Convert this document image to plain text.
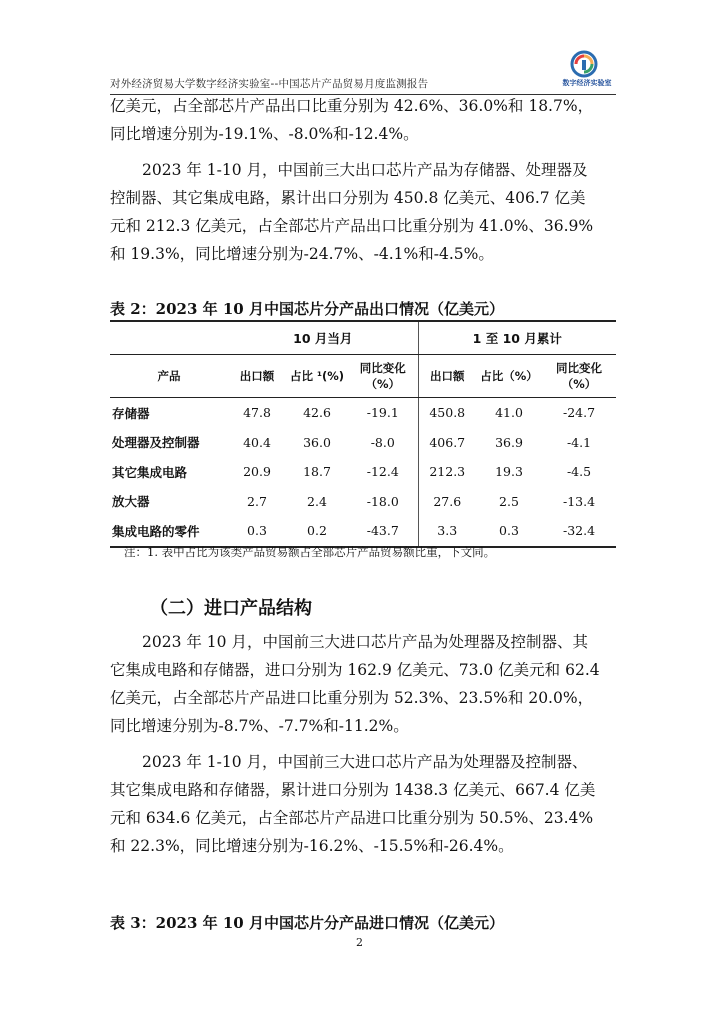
对外经济贸易大学数字经济实验室--中国芯片产品贸易月度监测报告	数字经济实验室

亿美元，占全部芯片产品出口比重分别为 42.6%、36.0%和 18.7%，
同比增速分别为-19.1%、-8.0%和-12.4%。

2023 年 1-10 月，中国前三大出口芯片产品为存储器、处理器及
控制器、其它集成电路，累计出口分别为 450.8 亿美元、406.7 亿美
元和 212.3 亿美元，占全部芯片产品出口比重分别为 41.0%、36.9%
和 19.3%，同比增速分别为-24.7%、-4.1%和-4.5%。

表 2：2023 年 10 月中国芯片分产品出口情况（亿美元）
	10 月当月			1 至 10 月累计		
产品	出口额	占比 ¹(%)	同比变化
（%）	出口额	占比（%）	同比变化
（%）
存储器	47.8	42.6	-19.1	450.8	41.0	-24.7
处理器及控制器	40.4	36.0	-8.0	406.7	36.9	-4.1
其它集成电路	20.9	18.7	-12.4	212.3	19.3	-4.5
放大器	2.7	2.4	-18.0	27.6	2.5	-13.4
集成电路的零件	0.3	0.2	-43.7	3.3	0.3	-32.4
注：1. 表中占比为该类产品贸易额占全部芯片产品贸易额比重，下文同。
（二）进口产品结构

2023 年 10 月，中国前三大进口芯片产品为处理器及控制器、其
它集成电路和存储器，进口分别为 162.9 亿美元、73.0 亿美元和 62.4
亿美元，占全部芯片产品进口比重分别为 52.3%、23.5%和 20.0%，
同比增速分别为-8.7%、-7.7%和-11.2%。

2023 年 1-10 月，中国前三大进口芯片产品为处理器及控制器、
其它集成电路和存储器，累计进口分别为 1438.3 亿美元、667.4 亿美
元和 634.6 亿美元，占全部芯片产品进口比重分别为 50.5%、23.4%
和 22.3%，同比增速分别为-16.2%、-15.5%和-26.4%。

表 3：2023 年 10 月中国芯片分产品进口情况（亿美元）
2
